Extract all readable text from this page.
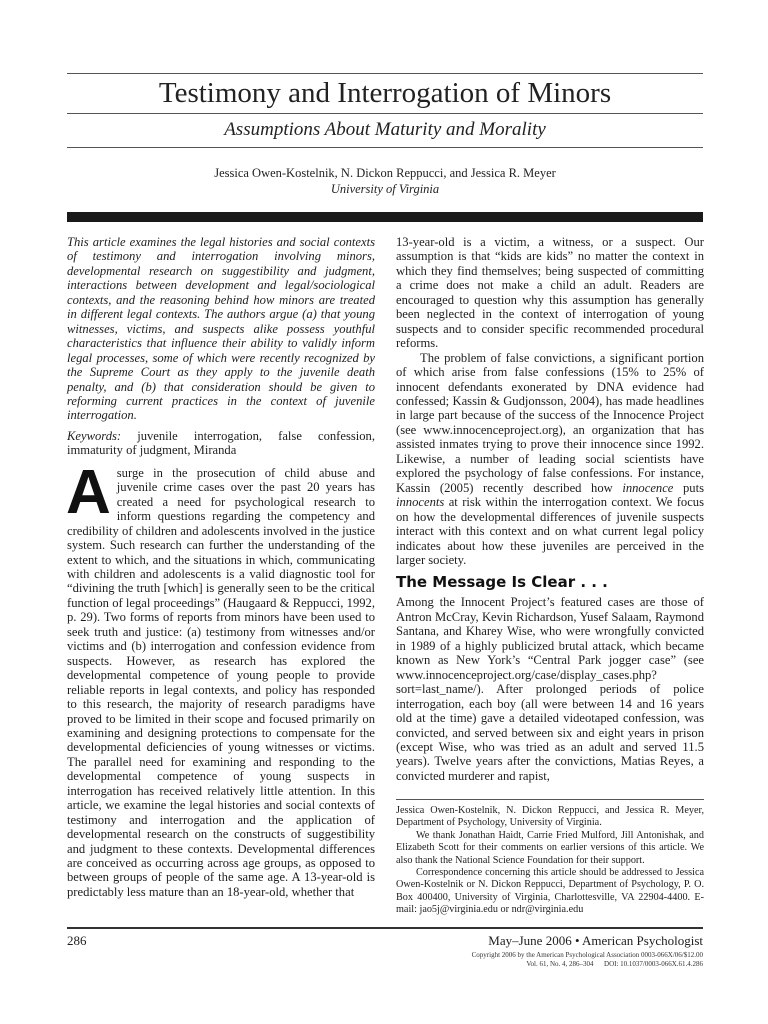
Testimony and Interrogation of Minors
Assumptions About Maturity and Morality
Jessica Owen-Kostelnik, N. Dickon Reppucci, and Jessica R. Meyer
University of Virginia

This article examines the legal histories and social contexts of testimony and interrogation involving minors, developmental research on suggestibility and judgment, interactions between development and legal/sociological contexts, and the reasoning behind how minors are treated in different legal contexts. The authors argue (a) that young witnesses, victims, and suspects alike possess youthful characteristics that influence their ability to validly inform legal processes, some of which were recently recognized by the Supreme Court as they apply to the juvenile death penalty, and (b) that consideration should be given to reforming current practices in the context of juvenile interrogation.

Keywords: juvenile interrogation, false confession, immaturity of judgment, Miranda

Asurge in the prosecution of child abuse and juvenile crime cases over the past 20 years has created a need for psychological research to inform questions regarding the competency and credibility of children and adolescents involved in the justice system. Such research can further the understanding of the extent to which, and the situations in which, communicating with children and adolescents is a valid diagnostic tool for “divining the truth [which] is generally seen to be the critical function of legal proceedings” (Haugaard & Reppucci, 1992, p. 29). Two forms of reports from minors have been used to seek truth and justice: (a) testimony from witnesses and/or victims and (b) interrogation and confession evidence from suspects. However, as research has explored the developmental competence of young people to provide reliable reports in legal contexts, and policy has responded to this research, the majority of research paradigms have proved to be limited in their scope and focused primarily on examining and designing protections to compensate for the developmental deficiencies of young witnesses or victims. The parallel need for examining and responding to the developmental competence of young suspects in interrogation has received relatively little attention. In this article, we examine the legal histories and social contexts of testimony and interrogation and the application of developmental research on the constructs of suggestibility and judgment to these contexts. Developmental differences are conceived as occurring across age groups, as opposed to between groups of people of the same age. A 13-year-old is predictably less mature than an 18-year-old, whether that

13-year-old is a victim, a witness, or a suspect. Our assumption is that “kids are kids” no matter the context in which they find themselves; being suspected of committing a crime does not make a child an adult. Readers are encouraged to question why this assumption has generally been neglected in the context of interrogation of young suspects and to consider specific recommended procedural reforms.

The problem of false convictions, a significant portion of which arise from false confessions (15% to 25% of innocent defendants exonerated by DNA evidence had confessed; Kassin & Gudjonsson, 2004), has made headlines in large part because of the success of the Innocence Project (see www.innocenceproject.org), an organization that has assisted inmates trying to prove their innocence since 1992. Likewise, a number of leading social scientists have explored the psychology of false confessions. For instance, Kassin (2005) recently described how innocence puts innocents at risk within the interrogation context. We focus on how the developmental differences of juvenile suspects interact with this context and on what current legal policy indicates about how these juveniles are perceived in the larger society.

The Message Is Clear . . .

Among the Innocent Project’s featured cases are those of Antron McCray, Kevin Richardson, Yusef Salaam, Raymond Santana, and Kharey Wise, who were wrongfully convicted in 1989 of a highly publicized brutal attack, which became known as New York’s “Central Park jogger case” (see www.innocenceproject.org/case/display_cases.php?sort=last_name/). After prolonged periods of police interrogation, each boy (all were between 14 and 16 years old at the time) gave a detailed videotaped confession, was convicted, and served between six and eight years in prison (except Wise, who was tried as an adult and served 11.5 years). Twelve years after the convictions, Matias Reyes, a convicted murderer and rapist,

Jessica Owen-Kostelnik, N. Dickon Reppucci, and Jessica R. Meyer, Department of Psychology, University of Virginia.

We thank Jonathan Haidt, Carrie Fried Mulford, Jill Antonishak, and Elizabeth Scott for their comments on earlier versions of this article. We also thank the National Science Foundation for their support.

Correspondence concerning this article should be addressed to Jessica Owen-Kostelnik or N. Dickon Reppucci, Department of Psychology, P. O. Box 400400, University of Virginia, Charlottesville, VA 22904-4400. E-mail: jao5j@virginia.edu or ndr@virginia.edu

286	May–June 2006 • American Psychologist
Copyright 2006 by the American Psychological Association 0003-066X/06/$12.00
Vol. 61, No. 4, 286–304      DOI: 10.1037/0003-066X.61.4.286
